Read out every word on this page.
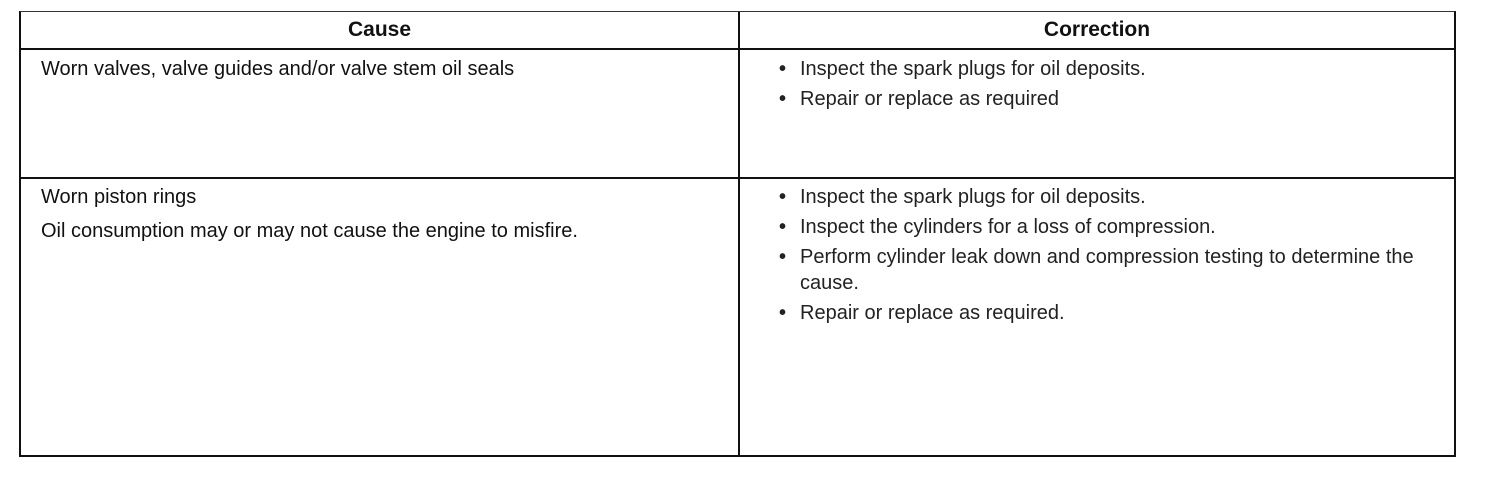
Cause	Correction

Worn valves, valve guides and/or valve stem oil seals	• Inspect the spark plugs for oil deposits.
• Repair or replace as required

Worn piston rings

Oil consumption may or may not cause the engine to misfire.

• Inspect the spark plugs for oil deposits.
• Inspect the cylinders for a loss of compression.
• Perform cylinder leak down and compression testing to determine the cause.
• Repair or replace as required.
